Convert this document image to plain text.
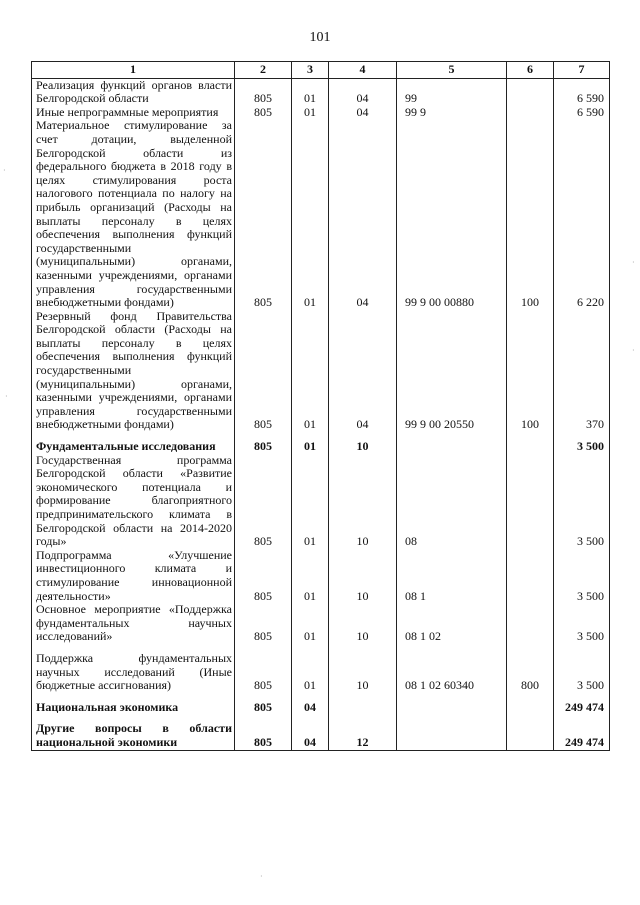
101
1	2	3	4	5	6	7
Реализация функций органов власти Белгородской области	805	01	04	99		6 590
Иные непрограммные мероприятия	805	01	04	99 9		6 590
Материальное стимулирование за счет дотации, выделенной Белгородской области из федерального бюджета в 2018 году в целях стимулирования роста налогового потенциала по налогу на прибыль организаций (Расходы на выплаты персоналу в целях обеспечения выполнения функций государственными (муниципальными) органами, казенными учреждениями, органами управления государственными внебюджетными фондами)	805	01	04	99 9 00 00880	100	6 220
Резервный фонд Правительства Белгородской области (Расходы на выплаты персоналу в целях обеспечения выполнения функций государственными (муниципальными) органами, казенными учреждениями, органами управления государственными внебюджетными фондами)	805	01	04	99 9 00 20550	100	370

Фундаментальные исследования	805	01	10			3 500
Государственная программа Белгородской области «Развитие экономического потенциала и формирование благоприятного предпринимательского климата в Белгородской области на 2014-2020 годы»	805	01	10	08		3 500
Подпрограмма «Улучшение инвестиционного климата и стимулирование инновационной деятельности»	805	01	10	08 1		3 500
Основное мероприятие «Поддержка фундаментальных научных исследований»	805	01	10	08 1 02		3 500

Поддержка фундаментальных научных исследований (Иные бюджетные ассигнования)	805	01	10	08 1 02 60340	800	3 500

Национальная экономика	805	04				249 474

Другие вопросы в области национальной экономики	805	04	12			249 474
·
·
·
·
·
